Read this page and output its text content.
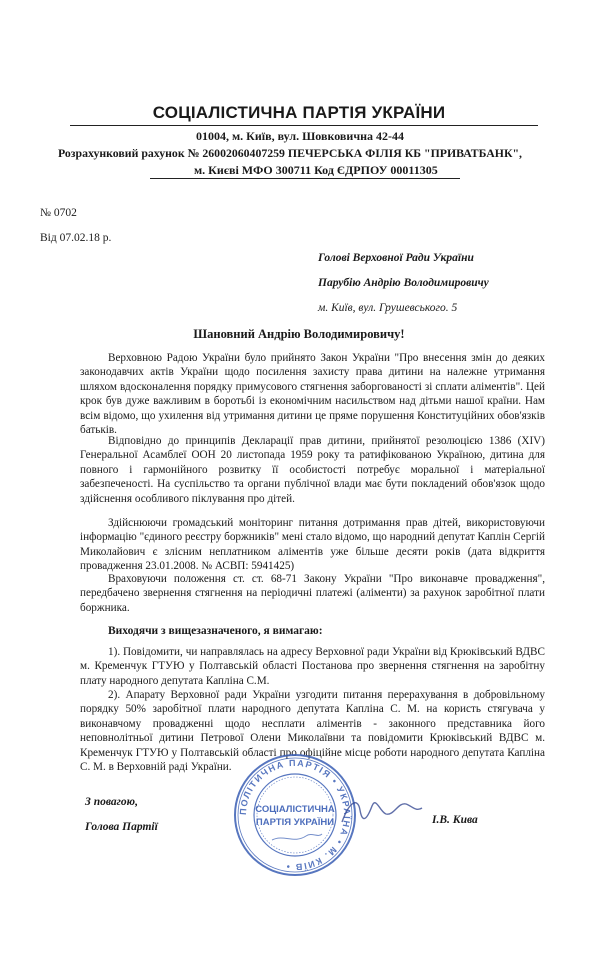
СОЦІАЛІСТИЧНА ПАРТІЯ УКРАЇНИ
01004, м. Київ, вул. Шовковична 42-44
Розрахунковий рахунок № 26002060407259 ПЕЧЕРСЬКА ФІЛІЯ КБ "ПРИВАТБАНК",
м. Києві МФО 300711 Код ЄДРПОУ 00011305
№ 0702
Від 07.02.18 р.
Голові Верховної Ради України
Парубію Андрію Володимировичу
м. Київ, вул. Грушевського. 5
Шановний Андрію Володимировичу!

Верховною Радою України було прийнято Закон України "Про внесення змін до деяких законодавчих актів України щодо посилення захисту права дитини на належне утримання шляхом вдосконалення порядку примусового стягнення заборгованості зі сплати аліментів". Цей крок був дуже важливим в боротьбі із економічним насильством над дітьми нашої країни. Нам всім відомо, що ухилення від утримання дитини це пряме порушення Конституційних обов'язків батьків.

Відповідно до принципів Декларації прав дитини, прийнятої резолюцією 1386 (XIV) Генеральної Асамблеї ООН 20 листопада 1959 року та ратифікованою Україною, дитина для повного і гармонійного розвитку її особистості потребує моральної і матеріальної забезпеченості. На суспільство та органи публічної влади має бути покладений обов'язок щодо здійснення особливого піклування про дітей.

Здійснюючи громадський моніторинг питання дотримання прав дітей, використовуючи інформацію "єдиного реєстру боржників" мені стало відомо, що народний депутат Каплін Сергій Миколайович є злісним неплатником аліментів уже більше десяти років (дата відкриття провадження 23.01.2008. № АСВП: 5941425)

Враховуючи положення ст. ст. 68-71 Закону України "Про виконавче провадження", передбачено звернення стягнення на періодичні платежі (аліменти) за рахунок заробітної плати боржника.

Виходячи з вищезазначеного, я вимагаю:

1). Повідомити, чи направлялась на адресу Верховної ради України від Крюківський ВДВС м. Кременчук ГТУЮ у Полтавській області Постанова про звернення стягнення на заробітну плату народного депутата Капліна С.М.

2). Апарату Верховної ради України узгодити питання перерахування в добровільному порядку 50% заробітної плати народного депутата Капліна С. М. на користь стягувача у виконавчому провадженні щодо несплати аліментів - законного представника його неповнолітньої дитини Петрової Олени Миколаївни та повідомити Крюківський ВДВС м. Кременчук ГТУЮ у Полтавській області про офіційне місце роботи народного депутата Капліна С. М. в Верховній раді України.

З повагою,
Голова Партії
І.В. Кива
ПОЛІТИЧНА ПАРТІЯ • УКРАЇНА • М. КИЇВ •
СОЦІАЛІСТИЧНА
ПАРТІЯ УКРАЇНИ
